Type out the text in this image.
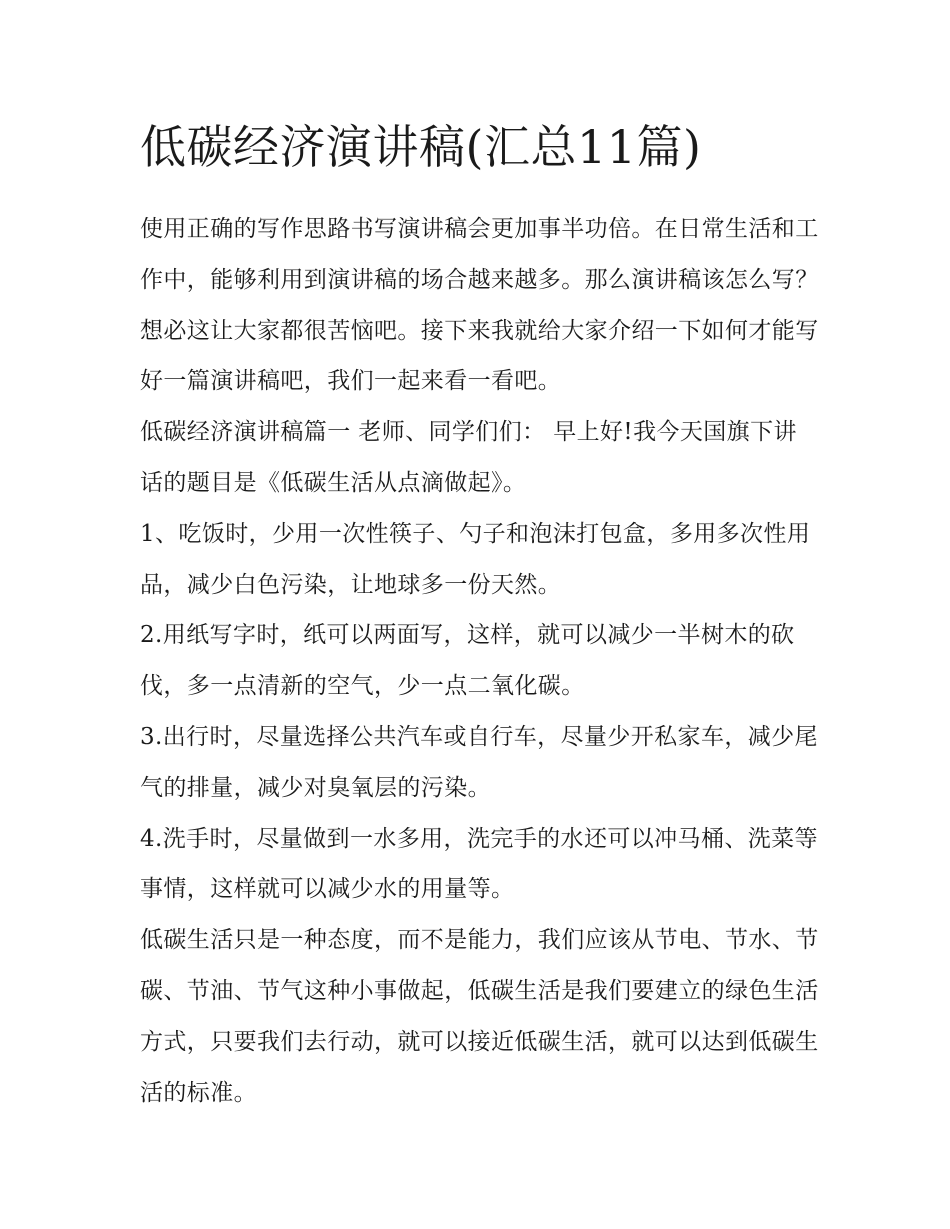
低碳经济演讲稿(汇总11篇)

使用正确的写作思路书写演讲稿会更加事半功倍。在日常生活和工作中，能够利用到演讲稿的场合越来越多。那么演讲稿该怎么写？想必这让大家都很苦恼吧。接下来我就给大家介绍一下如何才能写好一篇演讲稿吧，我们一起来看一看吧。

低碳经济演讲稿篇一 老师、同学们们： 早上好!我今天国旗下讲话的题目是《低碳生活从点滴做起》。

1、吃饭时，少用一次性筷子、勺子和泡沫打包盒，多用多次性用品，减少白色污染，让地球多一份天然。

2.用纸写字时，纸可以两面写，这样，就可以减少一半树木的砍伐，多一点清新的空气，少一点二氧化碳。

3.出行时，尽量选择公共汽车或自行车，尽量少开私家车，减少尾气的排量，减少对臭氧层的污染。

4.洗手时，尽量做到一水多用，洗完手的水还可以冲马桶、洗菜等事情，这样就可以减少水的用量等。

低碳生活只是一种态度，而不是能力，我们应该从节电、节水、节碳、节油、节气这种小事做起，低碳生活是我们要建立的绿色生活方式，只要我们去行动，就可以接近低碳生活，就可以达到低碳生活的标准。
